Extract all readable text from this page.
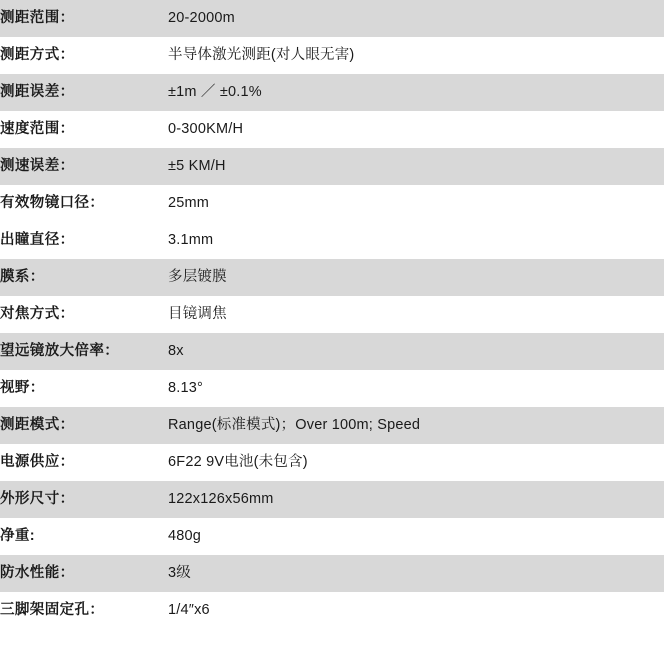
测距范围：	20-2000m
测距方式：	半导体激光测距(对人眼无害)
测距误差：	±1m ／ ±0.1%
速度范围：	0-300KM/H
测速误差：	±5 KM/H
有效物镜口径：	25mm
出瞳直径：	3.1mm
膜系：	多层镀膜
对焦方式：	目镜调焦
望远镜放大倍率：	8x
视野：	8.13°
测距模式：	Range(标准模式)；Over 100m; Speed
电源供应：	6F22 9V电池(未包含)
外形尺寸：	122x126x56mm
净重:	480g
防水性能：	3级
三脚架固定孔：	1/4″x6
